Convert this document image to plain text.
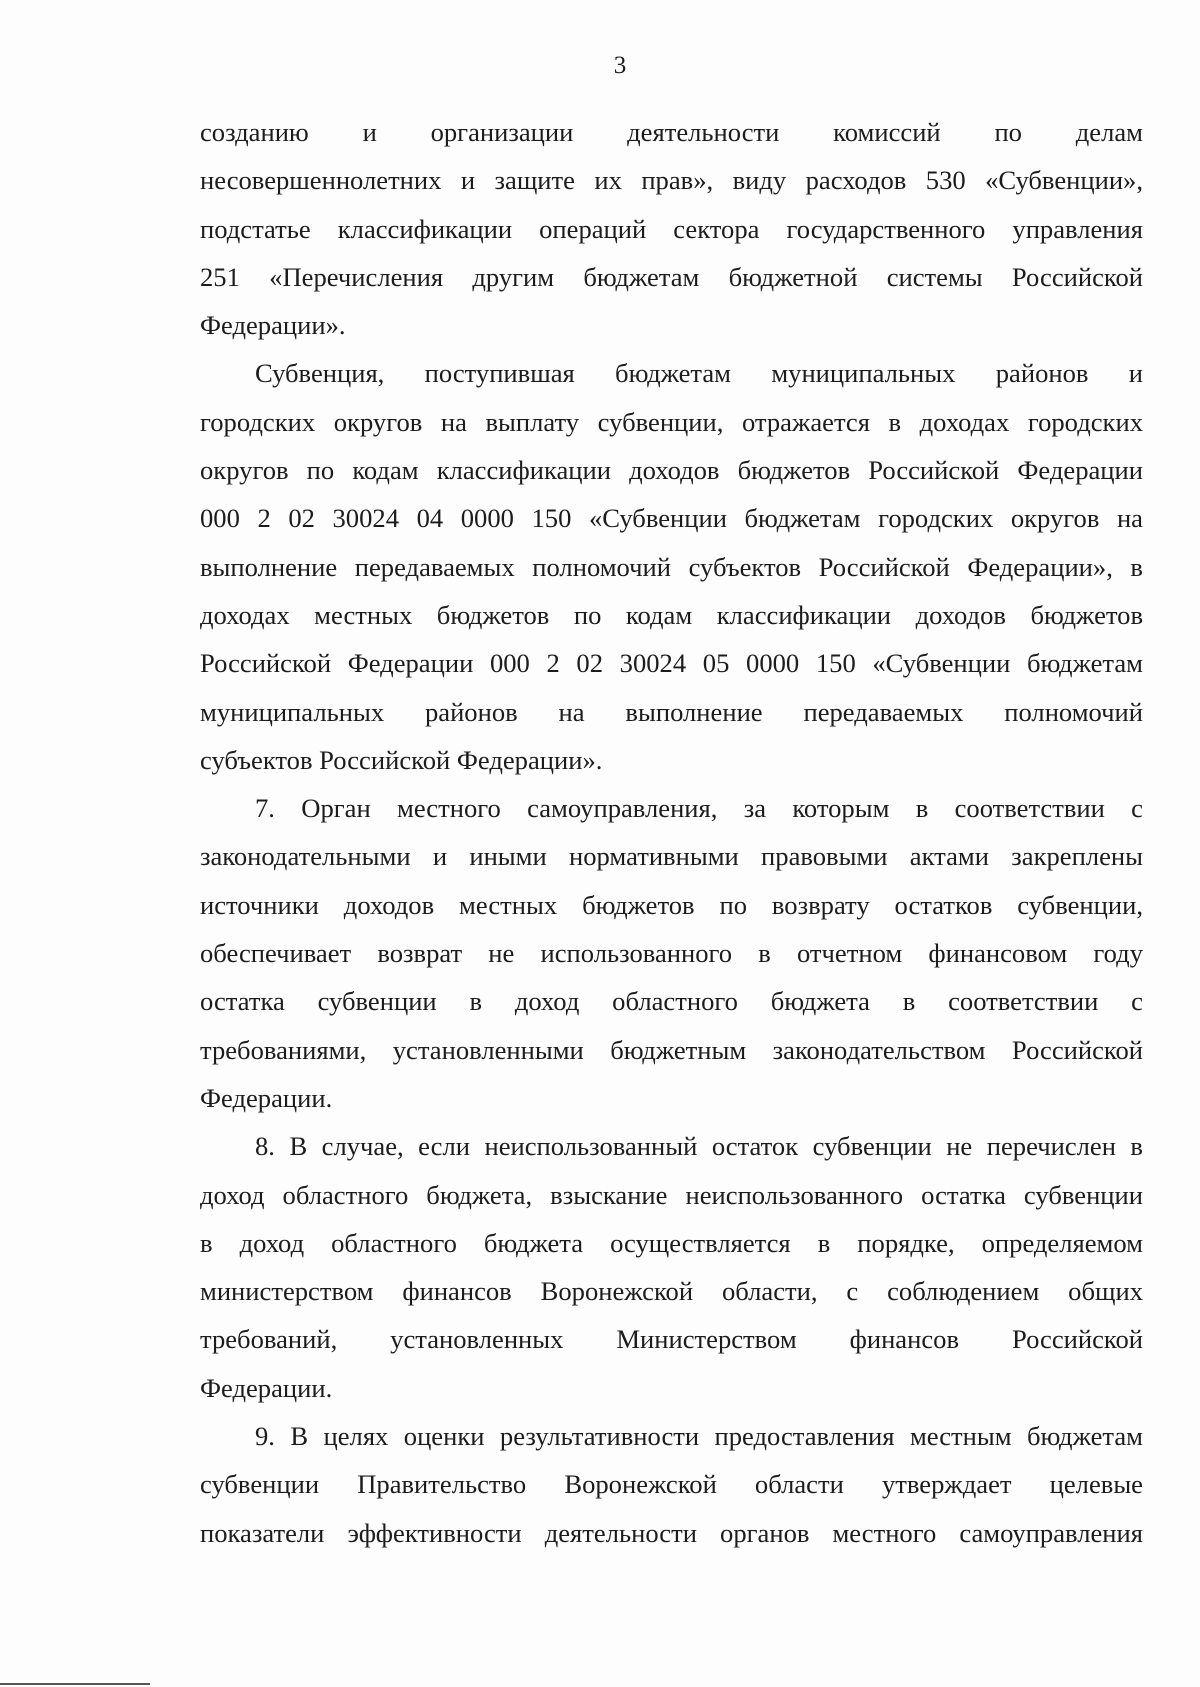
3

созданию и организации деятельности комиссий по делам
несовершеннолетних и защите их прав», виду расходов 530 «Субвенции»,
подстатье классификации операций сектора государственного управления
251 «Перечисления другим бюджетам бюджетной системы Российской
Федерации».

Субвенция, поступившая бюджетам муниципальных районов и
городских округов на выплату субвенции, отражается в доходах городских
округов по кодам классификации доходов бюджетов Российской Федерации
000 2 02 30024 04 0000 150 «Субвенции бюджетам городских округов на
выполнение передаваемых полномочий субъектов Российской Федерации», в
доходах местных бюджетов по кодам классификации доходов бюджетов
Российской Федерации 000 2 02 30024 05 0000 150 «Субвенции бюджетам
муниципальных районов на выполнение передаваемых полномочий
субъектов Российской Федерации».

7. Орган местного самоуправления, за которым в соответствии с
законодательными и иными нормативными правовыми актами закреплены
источники доходов местных бюджетов по возврату остатков субвенции,
обеспечивает возврат не использованного в отчетном финансовом году
остатка субвенции в доход областного бюджета в соответствии с
требованиями, установленными бюджетным законодательством Российской
Федерации.

8. В случае, если неиспользованный остаток субвенции не перечислен в
доход областного бюджета, взыскание неиспользованного остатка субвенции
в доход областного бюджета осуществляется в порядке, определяемом
министерством финансов Воронежской области, с соблюдением общих
требований, установленных Министерством финансов Российской
Федерации.

9. В целях оценки результативности предоставления местным бюджетам
субвенции Правительство Воронежской области утверждает целевые
показатели эффективности деятельности органов местного самоуправления
